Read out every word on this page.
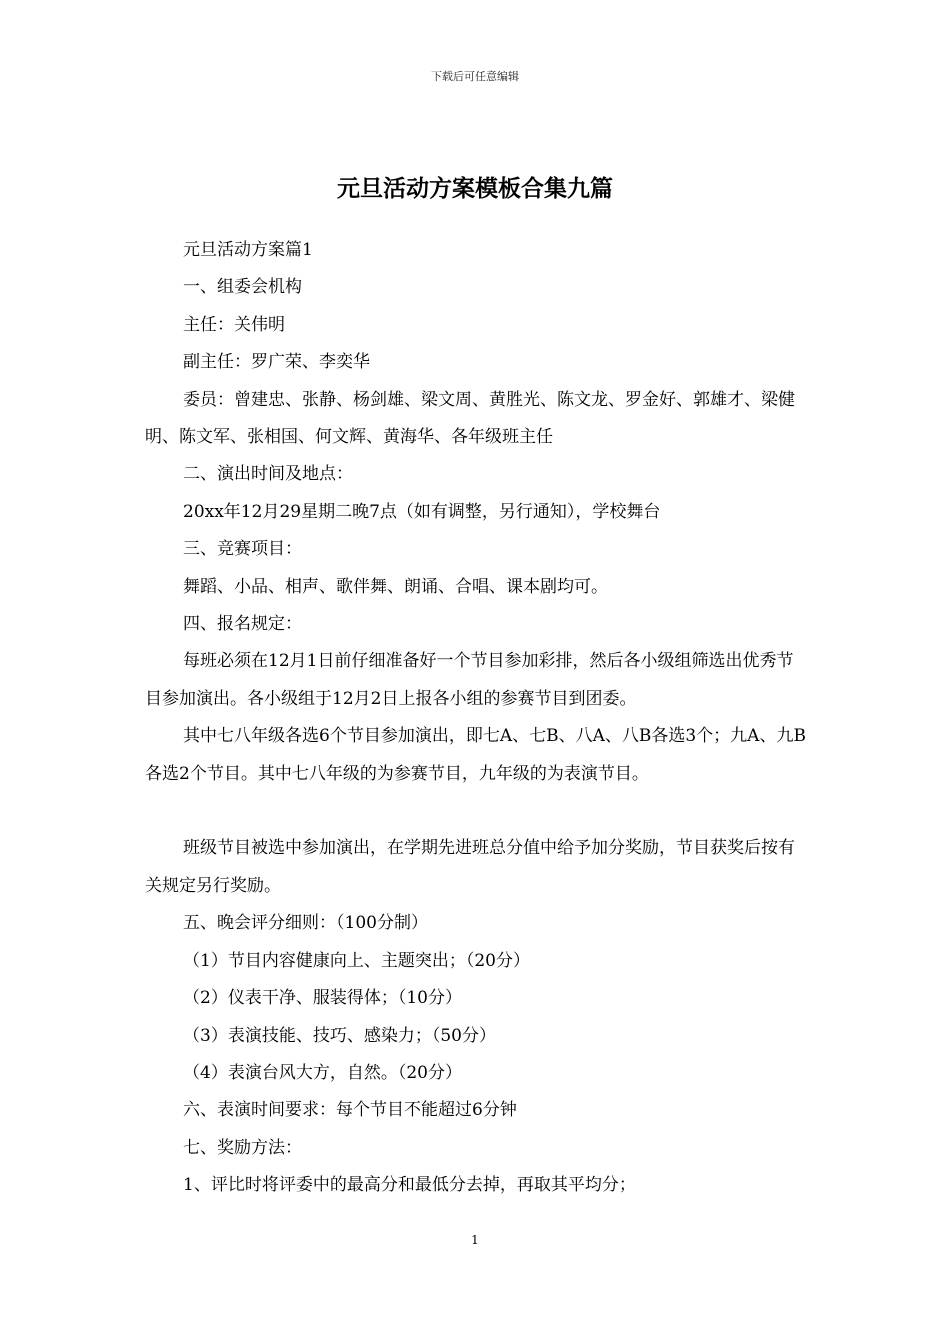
下载后可任意编辑
元旦活动方案模板合集九篇

元旦活动方案篇1

一、组委会机构

主任：关伟明

副主任：罗广荣、李奕华

委员：曾建忠、张静、杨剑雄、梁文周、黄胜光、陈文龙、罗金好、郭雄才、梁健明、陈文军、张相国、何文辉、黄海华、各年级班主任

二、演出时间及地点：

20xx年12月29星期二晚7点（如有调整，另行通知），学校舞台

三、竞赛项目：

舞蹈、小品、相声、歌伴舞、朗诵、合唱、课本剧均可。

四、报名规定：

每班必须在12月1日前仔细准备好一个节目参加彩排，然后各小级组筛选出优秀节目参加演出。各小级组于12月2日上报各小组的参赛节目到团委。

其中七八年级各选6个节目参加演出，即七A、七B、八A、八B各选3个；九A、九B各选2个节目。其中七八年级的为参赛节目，九年级的为表演节目。

班级节目被选中参加演出，在学期先进班总分值中给予加分奖励，节目获奖后按有关规定另行奖励。

五、晚会评分细则：（100分制）

（1）节目内容健康向上、主题突出；（20分）

（2）仪表干净、服装得体；（10分）

（3）表演技能、技巧、感染力；（50分）

（4）表演台风大方，自然。（20分）

六、表演时间要求：每个节目不能超过6分钟

七、奖励方法：

1、评比时将评委中的最高分和最低分去掉，再取其平均分；

1
